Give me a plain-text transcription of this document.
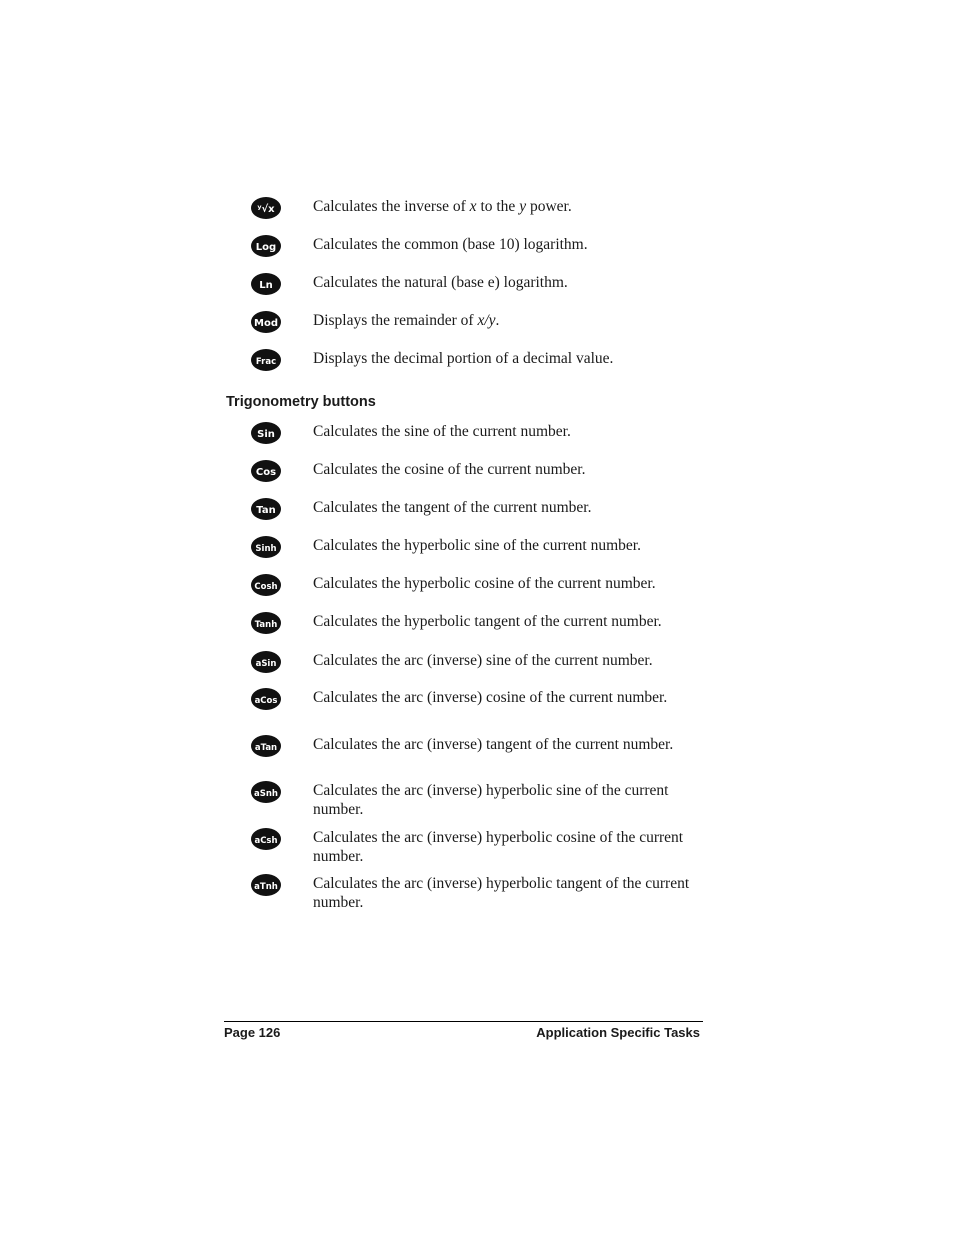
ʸ√x Calculates the inverse of x to the y power.
Log Calculates the common (base 10) logarithm.
Ln	Calculates the natural (base e) logarithm.
Mod Displays the remainder of x/y.
Frac Displays the decimal portion of a decimal value.
Trigonometry buttons
Sin Calculates the sine of the current number.
Cos Calculates the cosine of the current number.
Tan Calculates the tangent of the current number.
Sinh Calculates the hyperbolic sine of the current number.
Cosh Calculates the hyperbolic cosine of the current number.
Tanh Calculates the hyperbolic tangent of the current number.
aSin Calculates the arc (inverse) sine of the current number.
aCos Calculates the arc (inverse) cosine of the current number.
aTan Calculates the arc (inverse) tangent of the current number.
aSnh Calculates the arc (inverse) hyperbolic sine of the current number.
aCsh Calculates the arc (inverse) hyperbolic cosine of the current number.
aTnh Calculates the arc (inverse) hyperbolic tangent of the current number.
Page 126	Application Specific Tasks
